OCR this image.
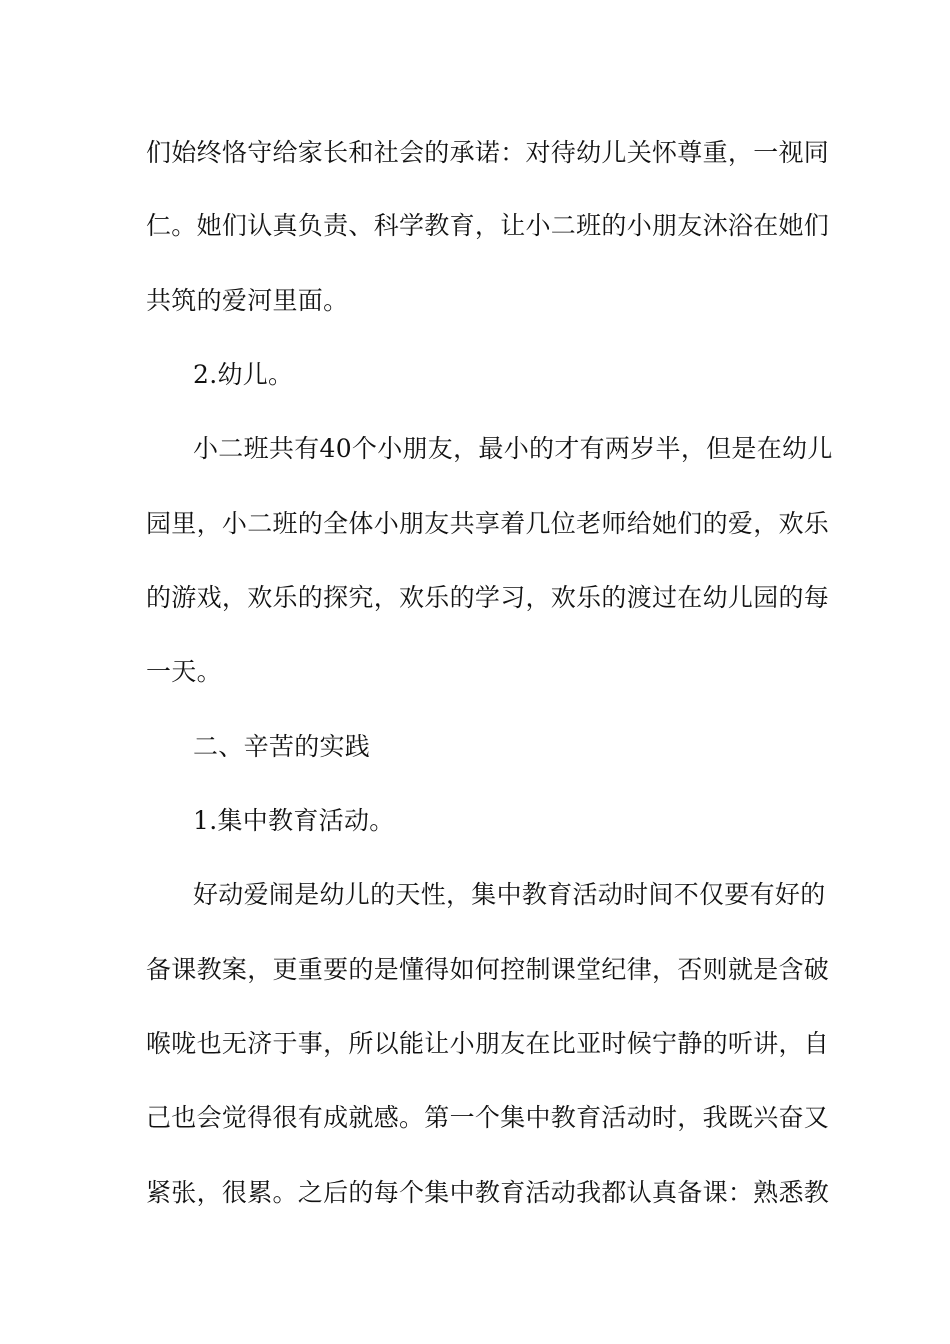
们始终恪守给家长和社会的承诺：对待幼儿关怀尊重，一视同
仁。她们认真负责、科学教育，让小二班的小朋友沐浴在她们
共筑的爱河里面。
2.幼儿。
小二班共有40个小朋友，最小的才有两岁半，但是在幼儿
园里，小二班的全体小朋友共享着几位老师给她们的爱，欢乐
的游戏，欢乐的探究，欢乐的学习，欢乐的渡过在幼儿园的每
一天。
二、辛苦的实践
1.集中教育活动。
好动爱闹是幼儿的天性，集中教育活动时间不仅要有好的
备课教案，更重要的是懂得如何控制课堂纪律，否则就是含破
喉咙也无济于事，所以能让小朋友在比亚时候宁静的听讲，自
己也会觉得很有成就感。第一个集中教育活动时，我既兴奋又
紧张，很累。之后的每个集中教育活动我都认真备课：熟悉教
